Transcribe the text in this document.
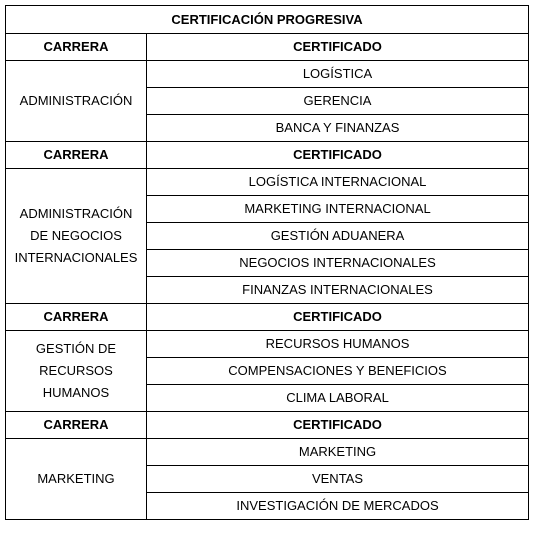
CERTIFICACIÓN PROGRESIVA	
CARRERA	CERTIFICADO
ADMINISTRACIÓN	LOGÍSTICA
	GERENCIA
	BANCA Y FINANZAS
CARRERA	CERTIFICADO
ADMINISTRACIÓN
DE NEGOCIOS
INTERNACIONALES	LOGÍSTICA INTERNACIONAL
	MARKETING INTERNACIONAL
	GESTIÓN ADUANERA
	NEGOCIOS INTERNACIONALES
	FINANZAS INTERNACIONALES
CARRERA	CERTIFICADO
GESTIÓN DE
RECURSOS
HUMANOS	RECURSOS HUMANOS
	COMPENSACIONES Y BENEFICIOS
	CLIMA LABORAL
CARRERA	CERTIFICADO
MARKETING	MARKETING
	VENTAS
	INVESTIGACIÓN DE MERCADOS
